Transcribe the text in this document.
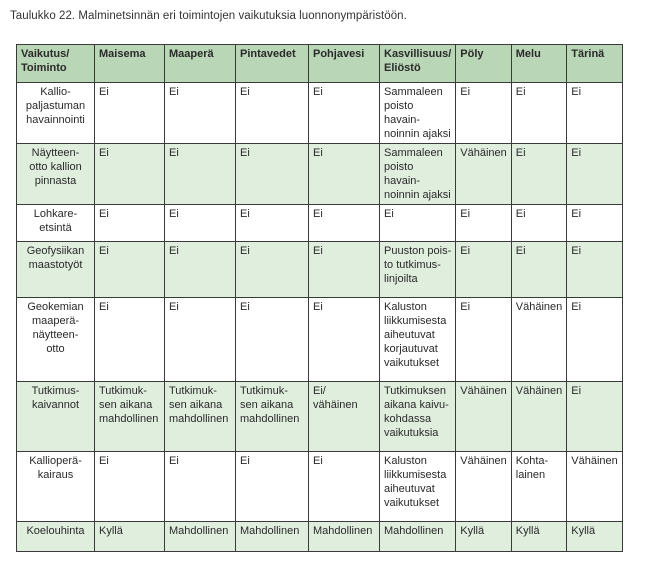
Taulukko 22. Malminetsinnän eri toimintojen vaikutuksia luonnonympäristöön.
Vaikutus/
Toiminto	Maisema	Maaperä	Pintavedet	Pohjavesi	Kasvillisuus/
Eliöstö	Pöly	Melu	Tärinä
Kallio-
paljastuman
havainnointi	Ei	Ei	Ei	Ei	Sammaleen
poisto havain-
noinnin ajaksi	Ei	Ei	Ei
Näytteen-
otto kallion
pinnasta	Ei	Ei	Ei	Ei	Sammaleen
poisto havain-
noinnin ajaksi	Vähäinen	Ei	Ei
Lohkare-
etsintä	Ei	Ei	Ei	Ei	Ei	Ei	Ei	Ei
Geofysiikan
maastotyöt	Ei	Ei	Ei	Ei	Puuston pois-
to tutkimus-
linjoilta	Ei	Ei	Ei
Geokemian
maaperä-
näytteen-
otto	Ei	Ei	Ei	Ei	Kaluston
liikkumisesta
aiheutuvat
korjautuvat
vaikutukset	Ei	Vähäinen	Ei
Tutkimus-
kaivannot	Tutkimuk-
sen aikana
mahdollinen	Tutkimuk-
sen aikana
mahdollinen	Tutkimuk-
sen aikana
mahdollinen	Ei/
vähäinen	Tutkimuksen
aikana kaivu-
kohdassa
vaikutuksia	Vähäinen	Vähäinen	Ei
Kallioperä-
kairaus	Ei	Ei	Ei	Ei	Kaluston
liikkumisesta
aiheutuvat
vaikutukset	Vähäinen	Kohta-
lainen	Vähäinen
Koelouhinta	Kyllä	Mahdollinen	Mahdollinen	Mahdollinen	Mahdollinen	Kyllä	Kyllä	Kyllä
